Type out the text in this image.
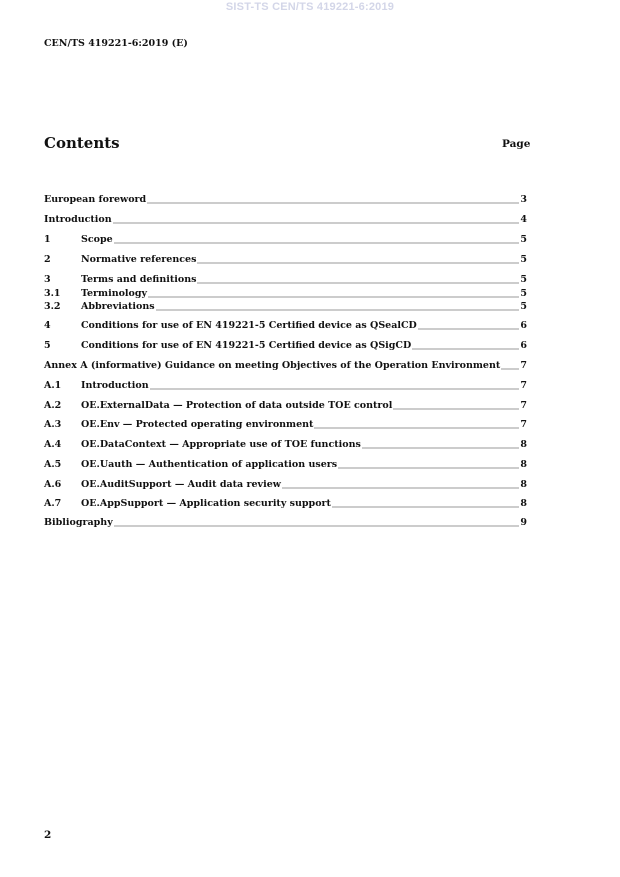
SIST-TS CEN/TS 419221-6:2019
CEN/TS 419221-6:2019 (E)
Contents	Page
European foreword	3
Introduction	4
1	Scope	5
2	Normative references	5
3	Terms and definitions	5
3.1	Terminology	5
3.2	Abbreviations	5
4	Conditions for use of EN 419221-5 Certified device as QSealCD	6
5	Conditions for use of EN 419221-5 Certified device as QSigCD	6
Annex A (informative) Guidance on meeting Objectives of the Operation Environment 7
A.1	Introduction	7
A.2	OE.ExternalData — Protection of data outside TOE control	7
A.3	OE.Env — Protected operating environment	7
A.4	OE.DataContext — Appropriate use of TOE functions	8
A.5	OE.Uauth — Authentication of application users	8
A.6	OE.AuditSupport — Audit data review	8
A.7	OE.AppSupport — Application security support	8
Bibliography	9
2
